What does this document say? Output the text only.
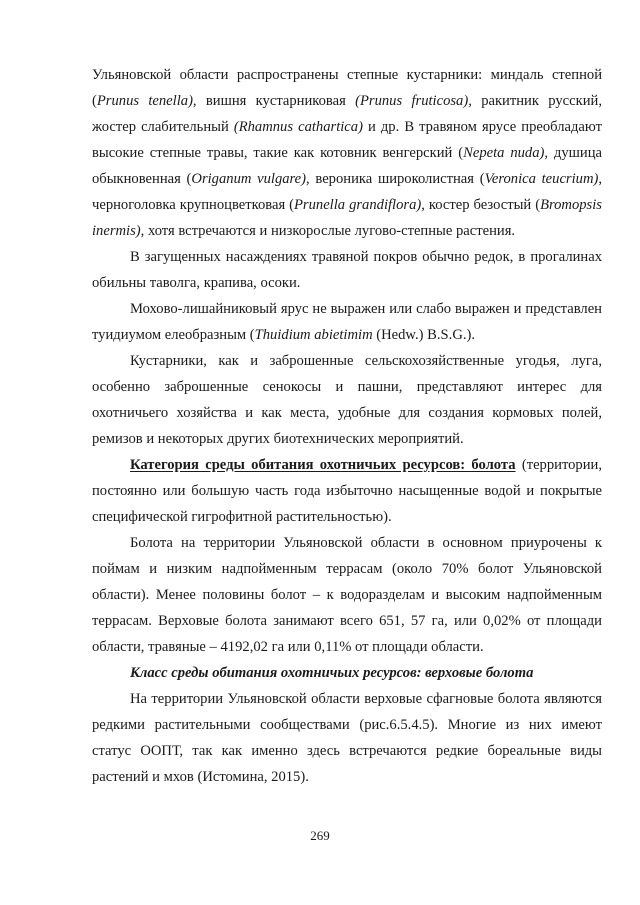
Ульяновской области распространены степные кустарники: миндаль степной (Prunus tenella), вишня кустарниковая (Prunus fruticosa), ракитник русский, жостер слабительный (Rhamnus cathartica) и др. В травяном ярусе преобладают высокие степные травы, такие как котовник венгерский (Nepeta nuda), душица обыкновенная (Origanum vulgare), вероника широколистная (Veronica teucrium), черноголовка крупноцветковая (Prunella grandiflora), костер безостый (Bromopsis inermis), хотя встречаются и низкорослые лугово-степные растения.

В загущенных насаждениях травяной покров обычно редок, в прогалинах обильны таволга, крапива, осоки.

Мохово-лишайниковый ярус не выражен или слабо выражен и представлен туидиумом елеобразным (Thuidium abietimim (Hedw.) B.S.G.).

Кустарники, как и заброшенные сельскохозяйственные угодья, луга, особенно заброшенные сенокосы и пашни, представляют интерес для охотничьего хозяйства и как места, удобные для создания кормовых полей, ремизов и некоторых других биотехнических мероприятий.

Категория среды обитания охотничьих ресурсов: болота (территории, постоянно или большую часть года избыточно насыщенные водой и покрытые специфической гигрофитной растительностью).

Болота на территории Ульяновской области в основном приурочены к поймам и низким надпойменным террасам (около 70% болот Ульяновской области). Менее половины болот – к водоразделам и высоким надпойменным террасам. Верховые болота занимают всего 651, 57 га, или 0,02% от площади области, травяные – 4192,02 га или 0,11% от площади области.

Класс среды обитания охотничьих ресурсов: верховые болота

На территории Ульяновской области верховые сфагновые болота являются редкими растительными сообществами (рис.6.5.4.5). Многие из них имеют статус ООПТ, так как именно здесь встречаются редкие бореальные виды растений и мхов (Истомина, 2015).

269
